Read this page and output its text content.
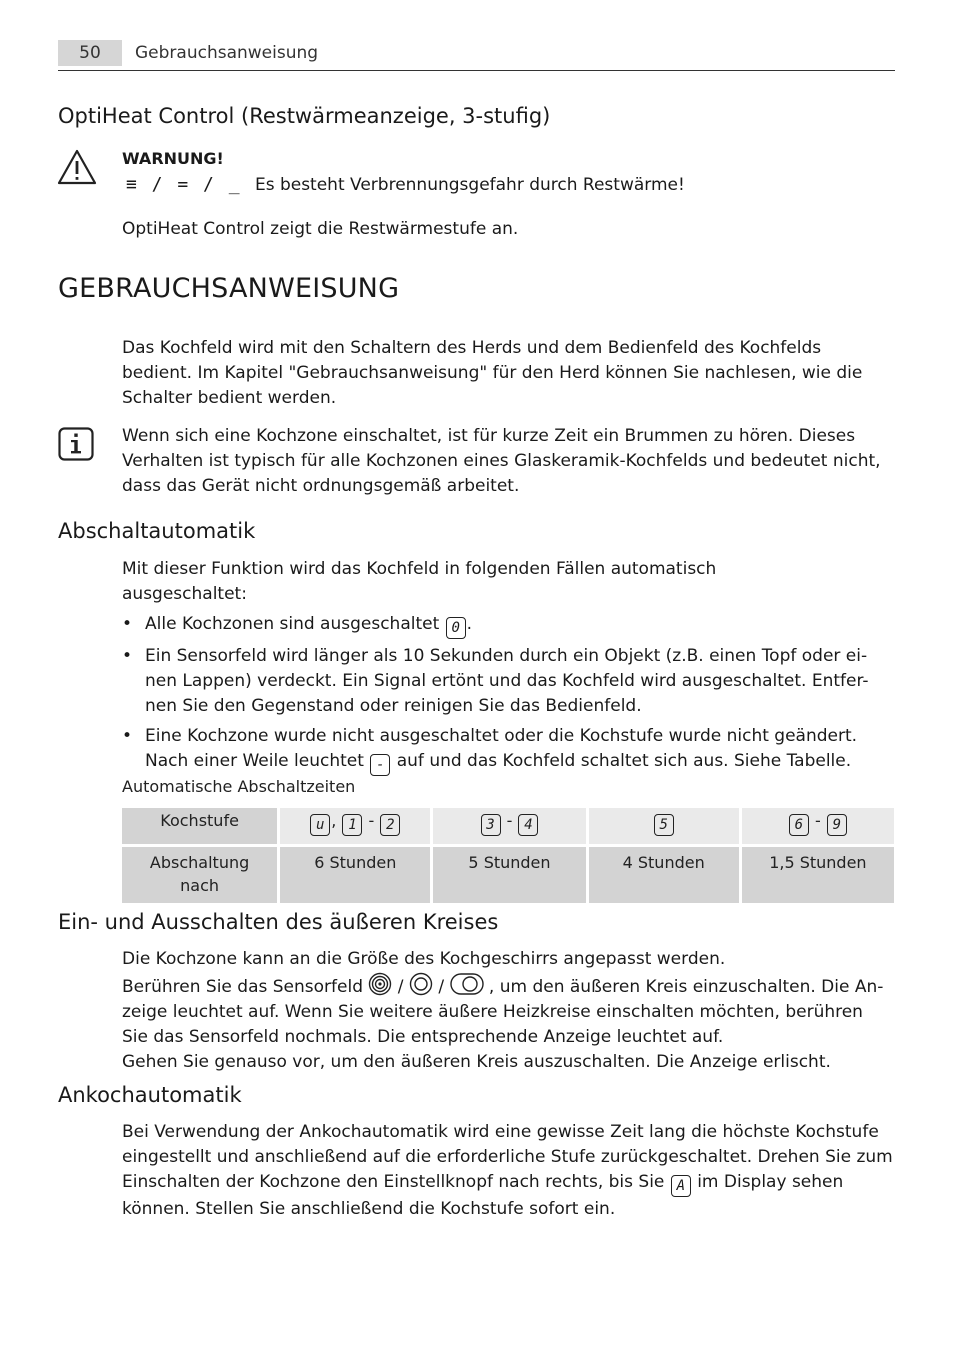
50	Gebrauchsanweisung
OptiHeat Control (Restwärmeanzeige, 3-stufig)
WARNUNG!
≡ / = / _ Es besteht Verbrennungsgefahr durch Restwärme!

OptiHeat Control zeigt die Restwärmestufe an.

GEBRAUCHSANWEISUNG

Das Kochfeld wird mit den Schaltern des Herds und dem Bedienfeld des Kochfelds bedient. Im Kapitel "Gebrauchsanweisung" für den Herd können Sie nachlesen, wie die Schalter bedient werden.

Wenn sich eine Kochzone einschaltet, ist für kurze Zeit ein Brummen zu hören. Dieses Verhalten ist typisch für alle Kochzonen eines Glaskeramik-Kochfelds und bedeutet nicht, dass das Gerät nicht ordnungsgemäß arbeitet.

Abschaltautomatik

Mit dieser Funktion wird das Kochfeld in folgenden Fällen automatisch ausgeschaltet:

• Alle Kochzonen sind ausgeschaltet 0 .
• Ein Sensorfeld wird länger als 10 Sekunden durch ein Objekt (z.B. einen Topf oder ei-nen Lappen) verdeckt. Ein Signal ertönt und das Kochfeld wird ausgeschaltet. Entfer-nen Sie den Gegenstand oder reinigen Sie das Bedienfeld.
• Eine Kochzone wurde nicht ausgeschaltet oder die Kochstufe wurde nicht geändert. Nach einer Weile leuchtet - auf und das Kochfeld schaltet sich aus. Siehe Tabelle.
Automatische Abschaltzeiten
Kochstufe	u , 1 - 2	3 - 4	5	6 - 9
Abschaltung nach	6 Stunden	5 Stunden	4 Stunden	1,5 Stunden
Ein- und Ausschalten des äußeren Kreises

Die Kochzone kann an die Größe des Kochgeschirrs angepasst werden.

Berühren Sie das Sensorfeld  /  /  , um den äußeren Kreis einzuschalten. Die An-zeige leuchtet auf. Wenn Sie weitere äußere Heizkreise einschalten möchten, berühren Sie das Sensorfeld nochmals. Die entsprechende Anzeige leuchtet auf.

Gehen Sie genauso vor, um den äußeren Kreis auszuschalten. Die Anzeige erlischt.

Ankochautomatik

Bei Verwendung der Ankochautomatik wird eine gewisse Zeit lang die höchste Kochstufe eingestellt und anschließend auf die erforderliche Stufe zurückgeschaltet. Drehen Sie zum Einschalten der Kochzone den Einstellknopf nach rechts, bis Sie A im Display sehen können. Stellen Sie anschließend die Kochstufe sofort ein.
